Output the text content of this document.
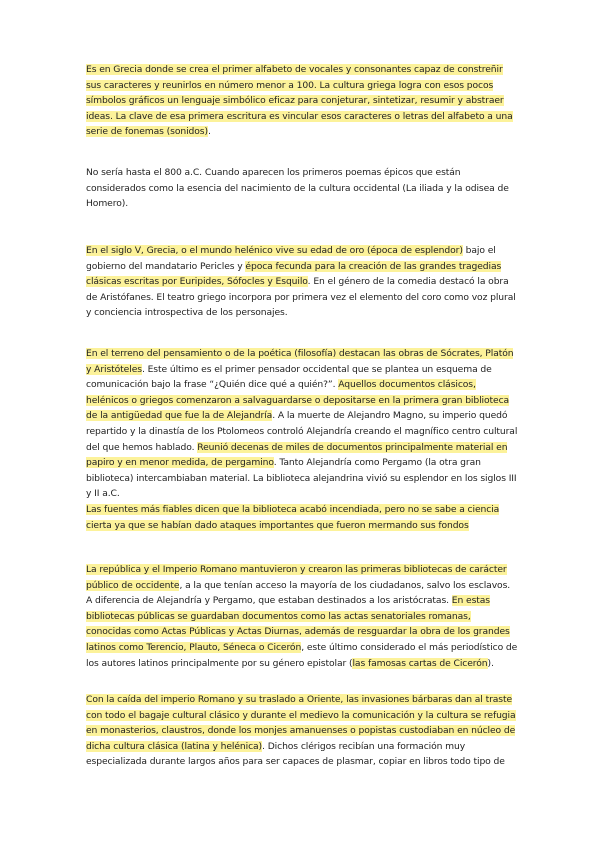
Es en Grecia donde se crea el primer alfabeto de vocales y consonantes capaz de constreñir sus caracteres y reunirlos en número menor a 100. La cultura griega logra con esos pocos símbolos gráficos un lenguaje simbólico eficaz para conjeturar, sintetizar, resumir y abstraer ideas. La clave de esa primera escritura es vincular esos caracteres o letras del alfabeto a una serie de fonemas (sonidos).

No sería hasta el 800 a.C. Cuando aparecen los primeros poemas épicos que están considerados como la esencia del nacimiento de la cultura occidental (La iliada y la odisea de Homero).

En el siglo V, Grecia, o el mundo helénico vive su edad de oro (época de esplendor) bajo el gobierno del mandatario Pericles y época fecunda para la creación de las grandes tragedias clásicas escritas por Euripides, Sófocles y Esquilo. En el género de la comedia destacó la obra de Aristófanes. El teatro griego incorpora por primera vez el elemento del coro como voz plural y conciencia introspectiva de los personajes.

En el terreno del pensamiento o de la poética (filosofía) destacan las obras de Sócrates, Platón y Aristóteles. Este último es el primer pensador occidental que se plantea un esquema de comunicación bajo la frase “¿Quién dice qué a quién?”. Aquellos documentos clásicos, helénicos o griegos comenzaron a salvaguardarse o depositarse en la primera gran biblioteca de la antigüedad que fue la de Alejandría. A la muerte de Alejandro Magno, su imperio quedó repartido y la dinastía de los Ptolomeos controló Alejandría creando el magnífico centro cultural del que hemos hablado. Reunió decenas de miles de documentos principalmente material en papiro y en menor medida, de pergamino. Tanto Alejandría como Pergamo (la otra gran biblioteca) intercambiaban material. La biblioteca alejandrina vivió su esplendor en los siglos III y II a.C.

Las fuentes más fiables dicen que la biblioteca acabó incendiada, pero no se sabe a ciencia cierta ya que se habían dado ataques importantes que fueron mermando sus fondos

La república y el Imperio Romano mantuvieron y crearon las primeras bibliotecas de carácter público de occidente, a la que tenían acceso la mayoría de los ciudadanos, salvo los esclavos. A diferencia de Alejandría y Pergamo, que estaban destinados a los aristócratas. En estas bibliotecas públicas se guardaban documentos como las actas senatoriales romanas, conocidas como Actas Públicas y Actas Diurnas, además de resguardar la obra de los grandes latinos como Terencio, Plauto, Séneca o Cicerón, este último considerado el más periodístico de los autores latinos principalmente por su género epistolar (las famosas cartas de Cicerón).

Con la caída del imperio Romano y su traslado a Oriente, las invasiones bárbaras dan al traste con todo el bagaje cultural clásico y durante el medievo la comunicación y la cultura se refugia en monasterios, claustros, donde los monjes amanuenses o popistas custodiaban en núcleo de dicha cultura clásica (latina y helénica). Dichos clérigos recibían una formación muy especializada durante largos años para ser capaces de plasmar, copiar en libros todo tipo de
